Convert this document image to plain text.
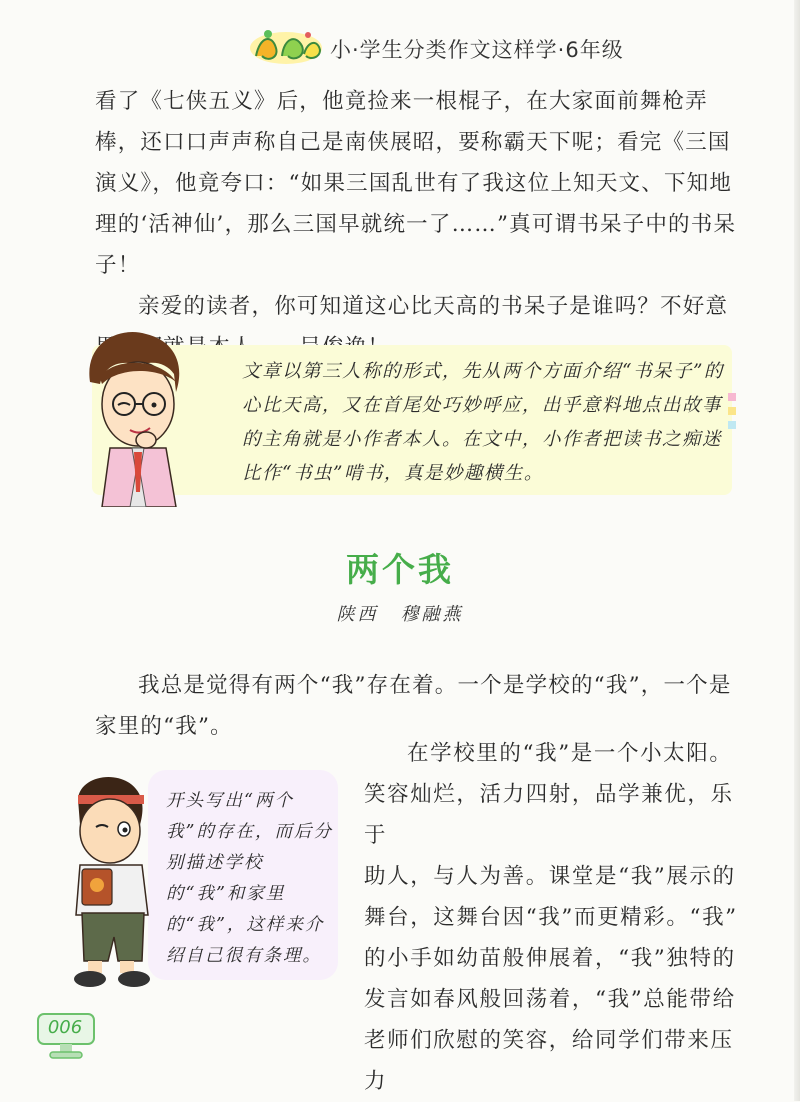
小·学生分类作文这样学·6年级

看了《七侠五义》后，他竟捡来一根棍子，在大家面前舞枪弄棒，还口口声声称自己是南侠展昭，要称霸天下呢；看完《三国演义》，他竟夸口：“如果三国乱世有了我这位上知天文、下知地理的‘活神仙’，那么三国早就统一了……”真可谓书呆子中的书呆子！

亲爱的读者，你可知道这心比天高的书呆子是谁吗？不好意

文章以第三人称的形式，先从两个方面介绍“书呆子”的心比天高，又在首尾处巧妙呼应，出乎意料地点出故事的主角就是小作者本人。在文中，小作者把读书之痴迷比作“书虫”啃书，真是妙趣横生。
两个我
陕西 穆融燕

我总是觉得有两个“我”存在着。一个是学校的“我”，一个是家里的“我”。

在学校里的“我”是一个小太阳。
笑容灿烂，活力四射，品学兼优，乐于
助人，与人为善。课堂是“我”展示的
舞台，这舞台因“我”而更精彩。“我”
的小手如幼苗般伸展着，“我”独特的
发言如春风般回荡着，“我”总能带给
老师们欣慰的笑容，给同学们带来压力
开头写出“两个我”的存在，而后分别描述学校的“我”和家里的“我”，这样来介绍自己很有条理。
006
